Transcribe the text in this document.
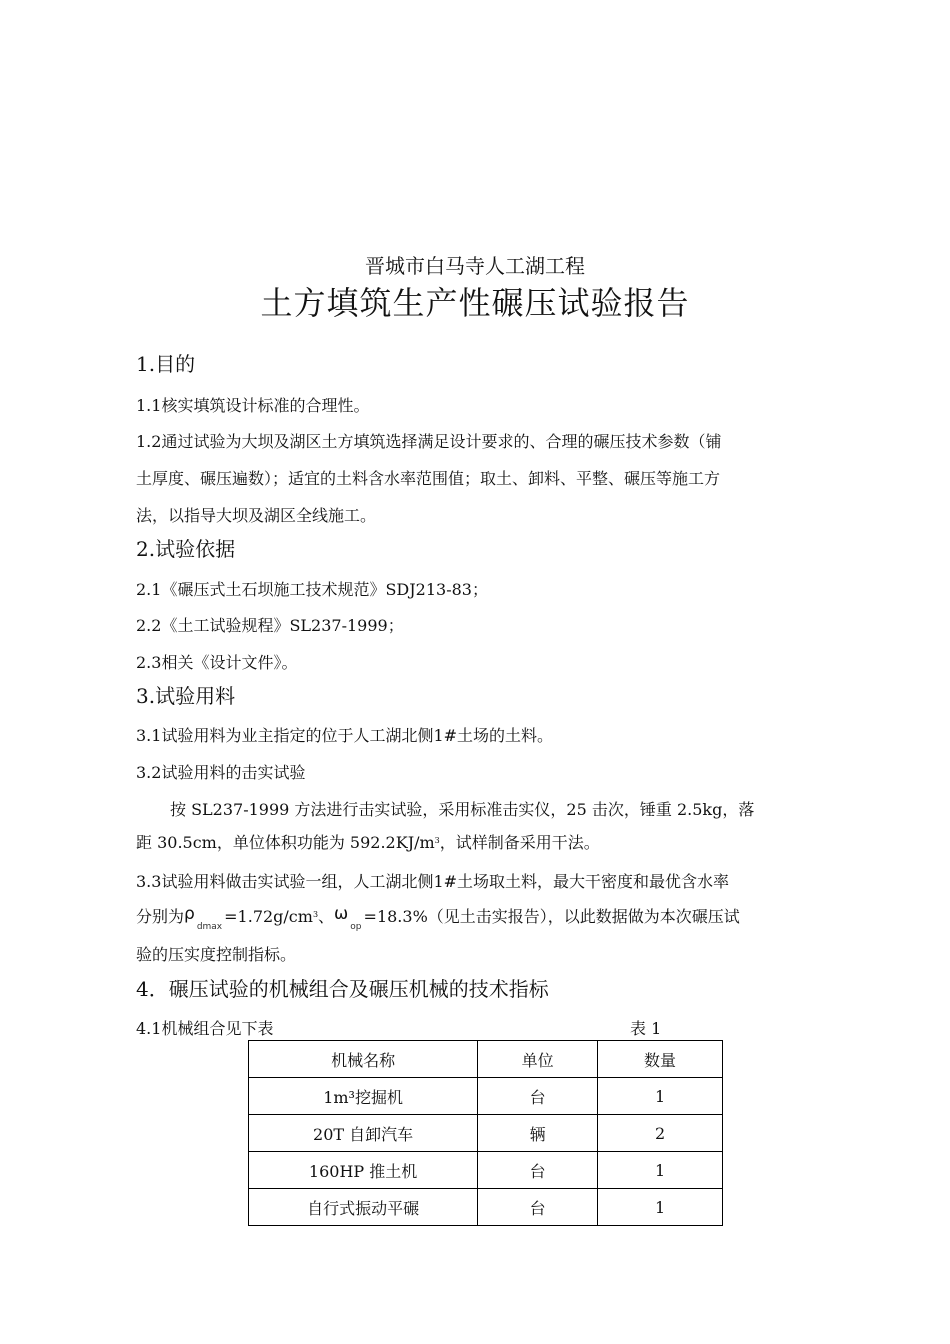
晋城市白马寺人工湖工程
土方填筑生产性碾压试验报告
1.目的
1.1核实填筑设计标准的合理性。
1.2通过试验为大坝及湖区土方填筑选择满足设计要求的、合理的碾压技术参数（铺
土厚度、碾压遍数）；适宜的土料含水率范围值；取土、卸料、平整、碾压等施工方
法，以指导大坝及湖区全线施工。
2.试验依据
2.1《碾压式土石坝施工技术规范》SDJ213-83；
2.2《土工试验规程》SL237-1999；
2.3相关《设计文件》。
3.试验用料
3.1试验用料为业主指定的位于人工湖北侧1#土场的土料。
3.2试验用料的击实试验
按 SL237-1999 方法进行击实试验，采用标准击实仪，25 击次，锤重 2.5kg，落
距 30.5cm，单位体积功能为 $592.2KJ/m^3$，试样制备采用干法。
3.3试验用料做击实试验一组，人工湖北侧1#土场取土料，最大干密度和最优含水率
分别为$\rho_{dmax}=1.72g/cm^3$、$\omega_{op}=18.3\%$（见土击实报告），以此数据做为本次碾压试
验的压实度控制指标。
4．碾压试验的机械组合及碾压机械的技术指标
4.1机械组合见下表	表 1
机械名称	单位	数量
1m³挖掘机	台	1
20T 自卸汽车	辆	2
160HP 推土机	台	1
自行式振动平碾	台	1
